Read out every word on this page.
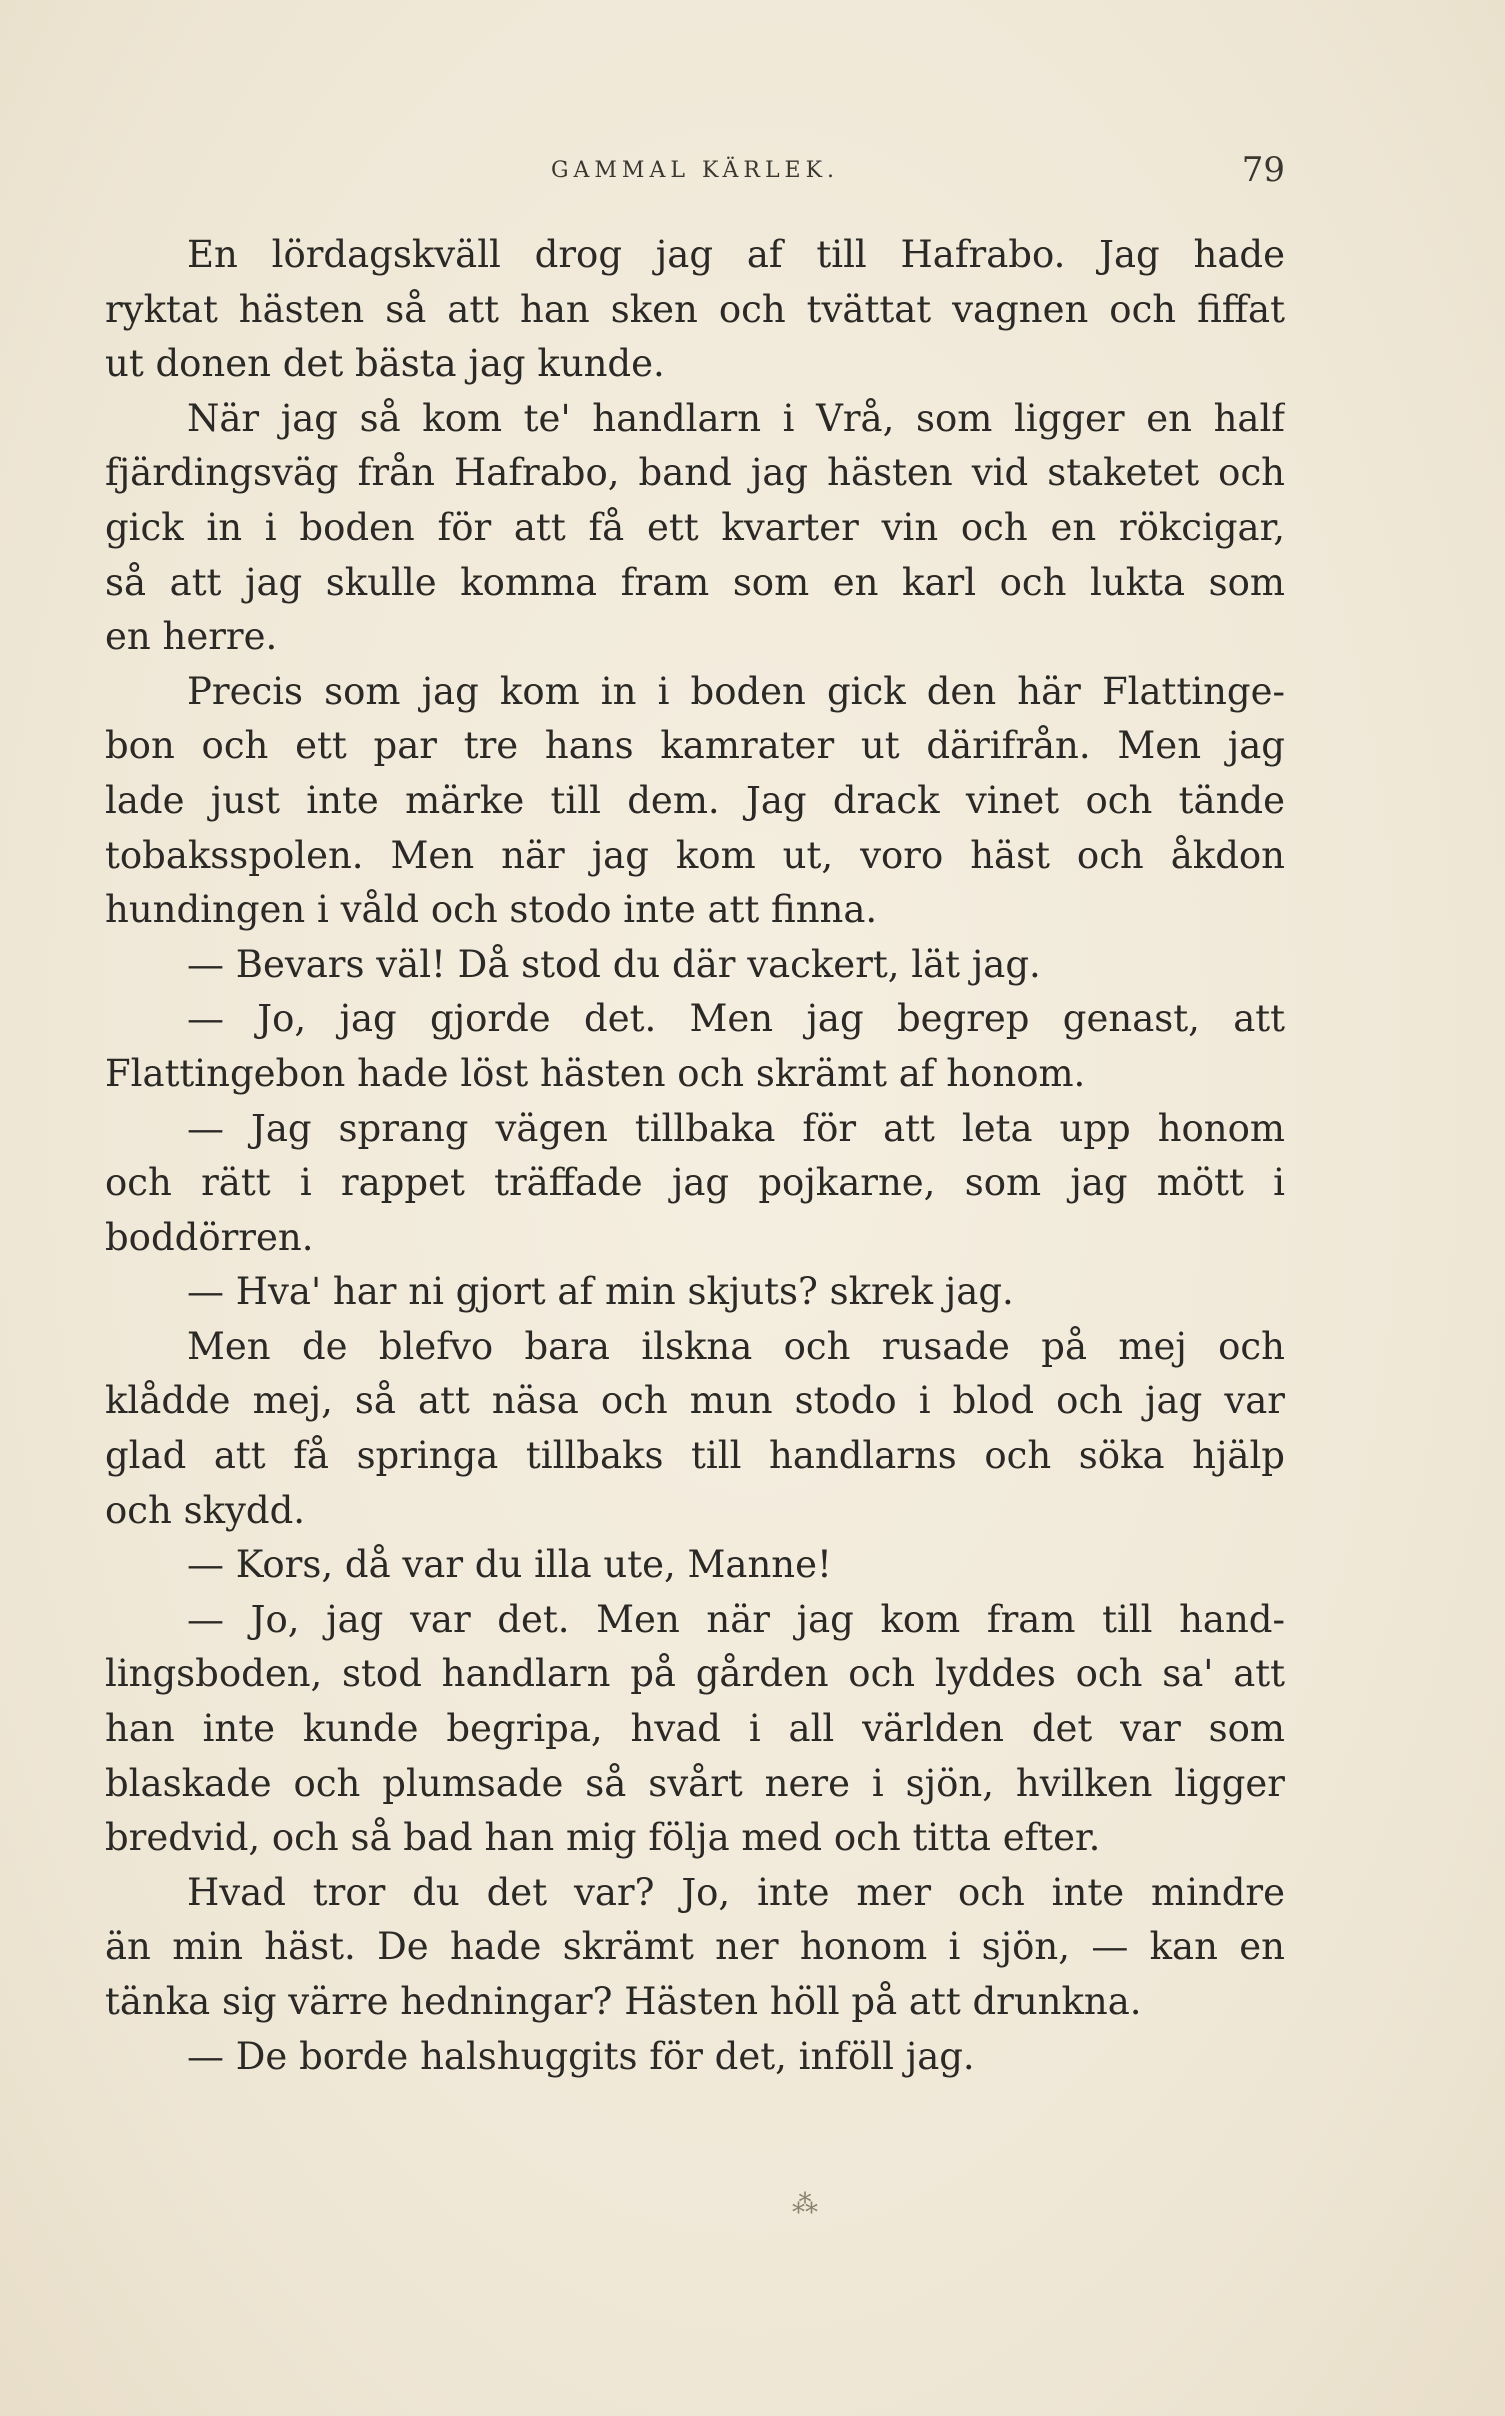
GAMMAL KÄRLEK.	79
En lördagskväll drog jag af till Hafrabo. Jag hade
ryktat hästen så att han sken och tvättat vagnen och fiffat
ut donen det bästa jag kunde.
När jag så kom te' handlarn i Vrå, som ligger en half
fjärdingsväg från Hafrabo, band jag hästen vid staketet och
gick in i boden för att få ett kvarter vin och en rökcigar,
så att jag skulle komma fram som en karl och lukta som
en herre.
Precis som jag kom in i boden gick den här Flattinge-
bon och ett par tre hans kamrater ut därifrån. Men jag
lade just inte märke till dem. Jag drack vinet och tände
tobaksspolen. Men när jag kom ut, voro häst och åkdon
hundingen i våld och stodo inte att finna.
— Bevars väl! Då stod du där vackert, lät jag.
— Jo, jag gjorde det. Men jag begrep genast, att
Flattingebon hade löst hästen och skrämt af honom.
— Jag sprang vägen tillbaka för att leta upp honom
och rätt i rappet träffade jag pojkarne, som jag mött i
boddörren.
— Hva' har ni gjort af min skjuts? skrek jag.
Men de blefvo bara ilskna och rusade på mej och
klådde mej, så att näsa och mun stodo i blod och jag var
glad att få springa tillbaks till handlarns och söka hjälp
och skydd.
— Kors, då var du illa ute, Manne!
— Jo, jag var det. Men när jag kom fram till hand-
lingsboden, stod handlarn på gården och lyddes och sa' att
han inte kunde begripa, hvad i all världen det var som
blaskade och plumsade så svårt nere i sjön, hvilken ligger
bredvid, och så bad han mig följa med och titta efter.
Hvad tror du det var? Jo, inte mer och inte mindre
än min häst. De hade skrämt ner honom i sjön, — kan en
tänka sig värre hedningar? Hästen höll på att drunkna.
— De borde halshuggits för det, inföll jag.
⁂
